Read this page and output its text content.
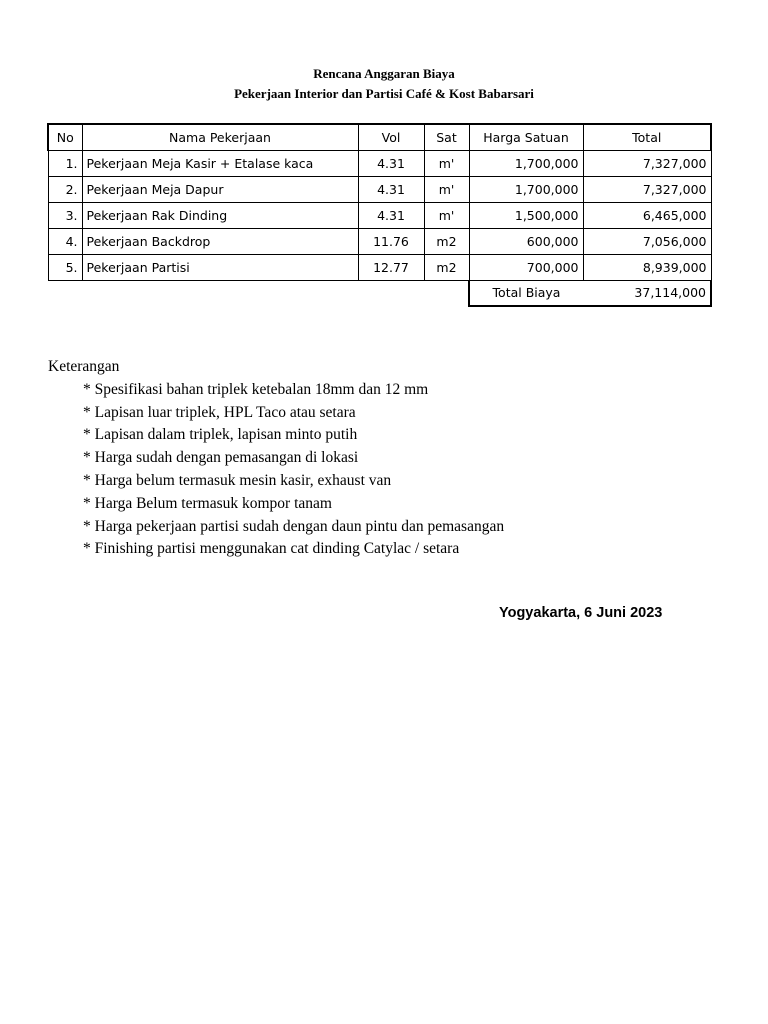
Rencana Anggaran Biaya
Pekerjaan Interior dan Partisi Café & Kost Babarsari
No	Nama Pekerjaan	Vol	Sat	Harga Satuan	Total
1.	Pekerjaan Meja Kasir + Etalase kaca	4.31	m'	1,700,000	7,327,000
2.	Pekerjaan Meja Dapur	4.31	m'	1,700,000	7,327,000
3.	Pekerjaan Rak Dinding	4.31	m'	1,500,000	6,465,000
4.	Pekerjaan Backdrop	11.76	m2	600,000	7,056,000
5.	Pekerjaan Partisi	12.77	m2	700,000	8,939,000
				Total Biaya	37,114,000
Keterangan
* Spesifikasi bahan triplek ketebalan 18mm dan 12 mm
* Lapisan luar triplek, HPL Taco atau setara
* Lapisan dalam triplek, lapisan minto putih
* Harga sudah dengan pemasangan di lokasi
* Harga belum termasuk mesin kasir, exhaust van
* Harga Belum termasuk kompor tanam
* Harga pekerjaan partisi sudah dengan daun pintu dan pemasangan
* Finishing partisi menggunakan cat dinding Catylac / setara
Yogyakarta, 6 Juni 2023
